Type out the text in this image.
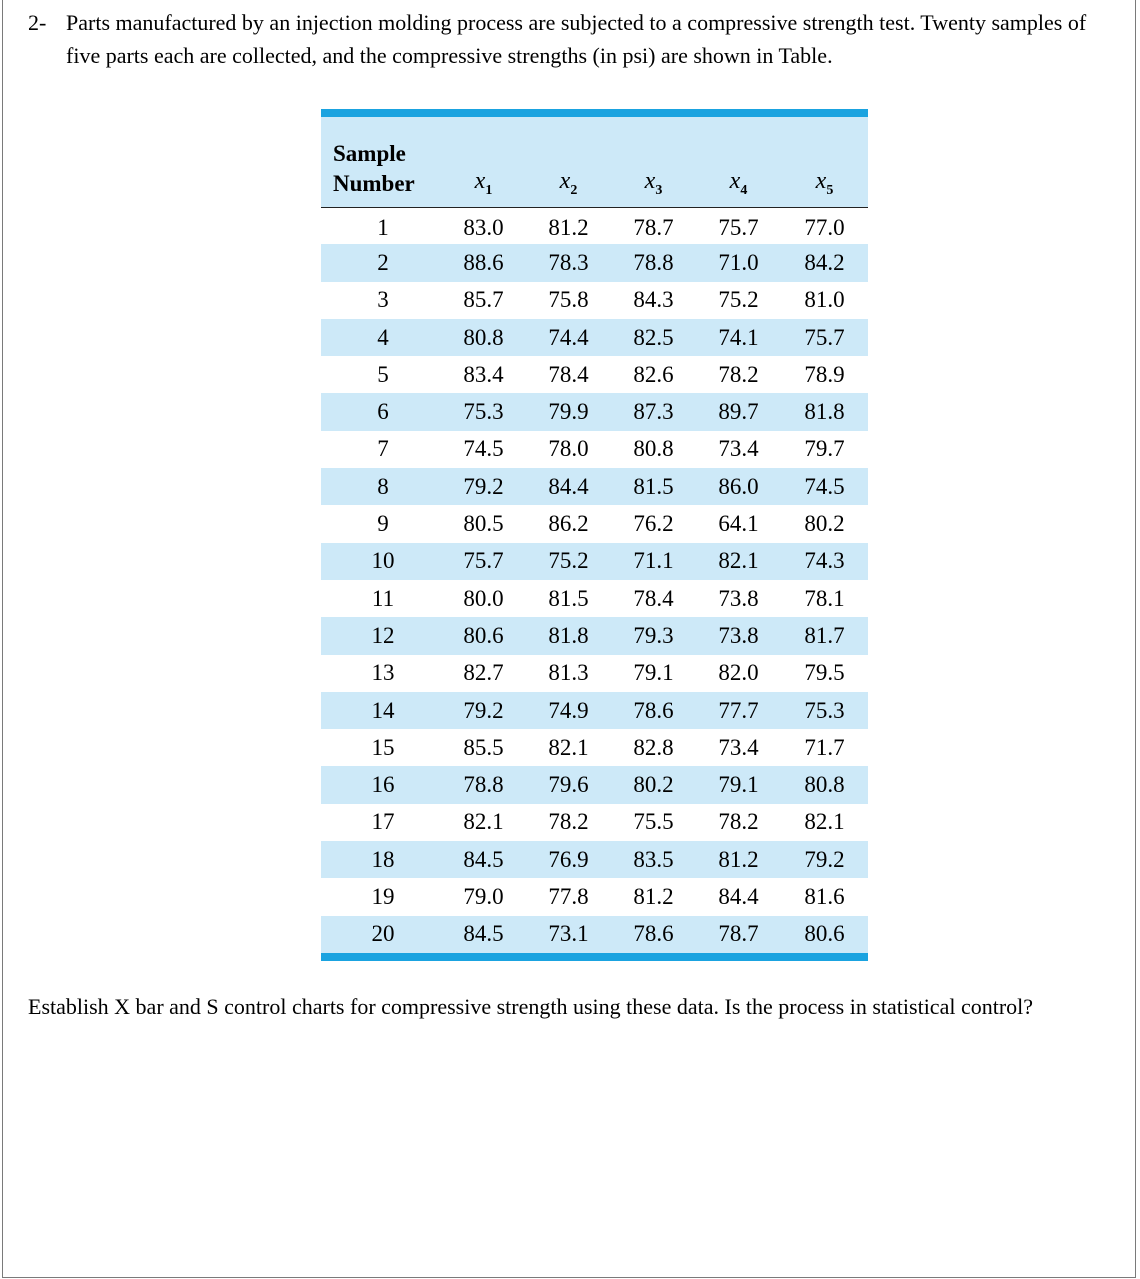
2- Parts manufactured by an injection molding process are subjected to a compressive strength test. Twenty samples of five parts each are collected, and the compressive strengths (in psi) are shown in Table.
Sample
Number	$x_1$	$x_2$	$x_3$	$x_4$	$x_5$
1	83.0	81.2	78.7	75.7	77.0
2	88.6	78.3	78.8	71.0	84.2
3	85.7	75.8	84.3	75.2	81.0
4	80.8	74.4	82.5	74.1	75.7
5	83.4	78.4	82.6	78.2	78.9
6	75.3	79.9	87.3	89.7	81.8
7	74.5	78.0	80.8	73.4	79.7
8	79.2	84.4	81.5	86.0	74.5
9	80.5	86.2	76.2	64.1	80.2
10	75.7	75.2	71.1	82.1	74.3
11	80.0	81.5	78.4	73.8	78.1
12	80.6	81.8	79.3	73.8	81.7
13	82.7	81.3	79.1	82.0	79.5
14	79.2	74.9	78.6	77.7	75.3
15	85.5	82.1	82.8	73.4	71.7
16	78.8	79.6	80.2	79.1	80.8
17	82.1	78.2	75.5	78.2	82.1
18	84.5	76.9	83.5	81.2	79.2
19	79.0	77.8	81.2	84.4	81.6
20	84.5	73.1	78.6	78.7	80.6
Establish X bar and S control charts for compressive strength using these data. Is the process in statistical control?
